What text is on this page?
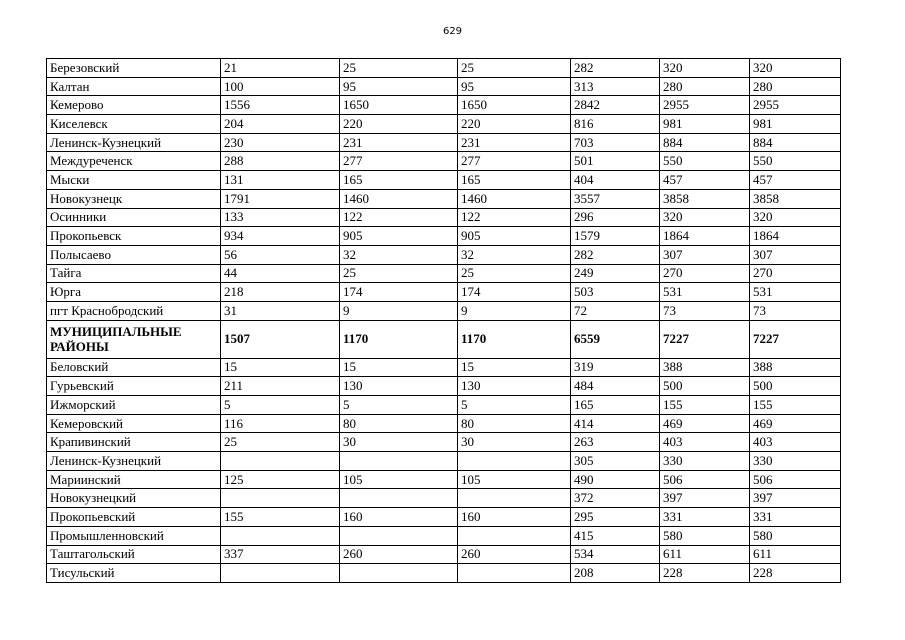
629
Березовский	21	25	25	282	320	320
Калтан	100	95	95	313	280	280
Кемерово	1556	1650	1650	2842	2955	2955
Киселевск	204	220	220	816	981	981
Ленинск-Кузнецкий	230	231	231	703	884	884
Междуреченск	288	277	277	501	550	550
Мыски	131	165	165	404	457	457
Новокузнецк	1791	1460	1460	3557	3858	3858
Осинники	133	122	122	296	320	320
Прокопьевск	934	905	905	1579	1864	1864
Полысаево	56	32	32	282	307	307
Тайга	44	25	25	249	270	270
Юрга	218	174	174	503	531	531
пгт Краснобродский	31	9	9	72	73	73
МУНИЦИПАЛЬНЫЕ РАЙОНЫ	1507	1170	1170	6559	7227	7227
Беловский	15	15	15	319	388	388
Гурьевский	211	130	130	484	500	500
Ижморский	5	5	5	165	155	155
Кемеровский	116	80	80	414	469	469
Крапивинский	25	30	30	263	403	403
Ленинск-Кузнецкий				305	330	330
Мариинский	125	105	105	490	506	506
Новокузнецкий				372	397	397
Прокопьевский	155	160	160	295	331	331
Промышленновский				415	580	580
Таштагольский	337	260	260	534	611	611
Тисульский				208	228	228
